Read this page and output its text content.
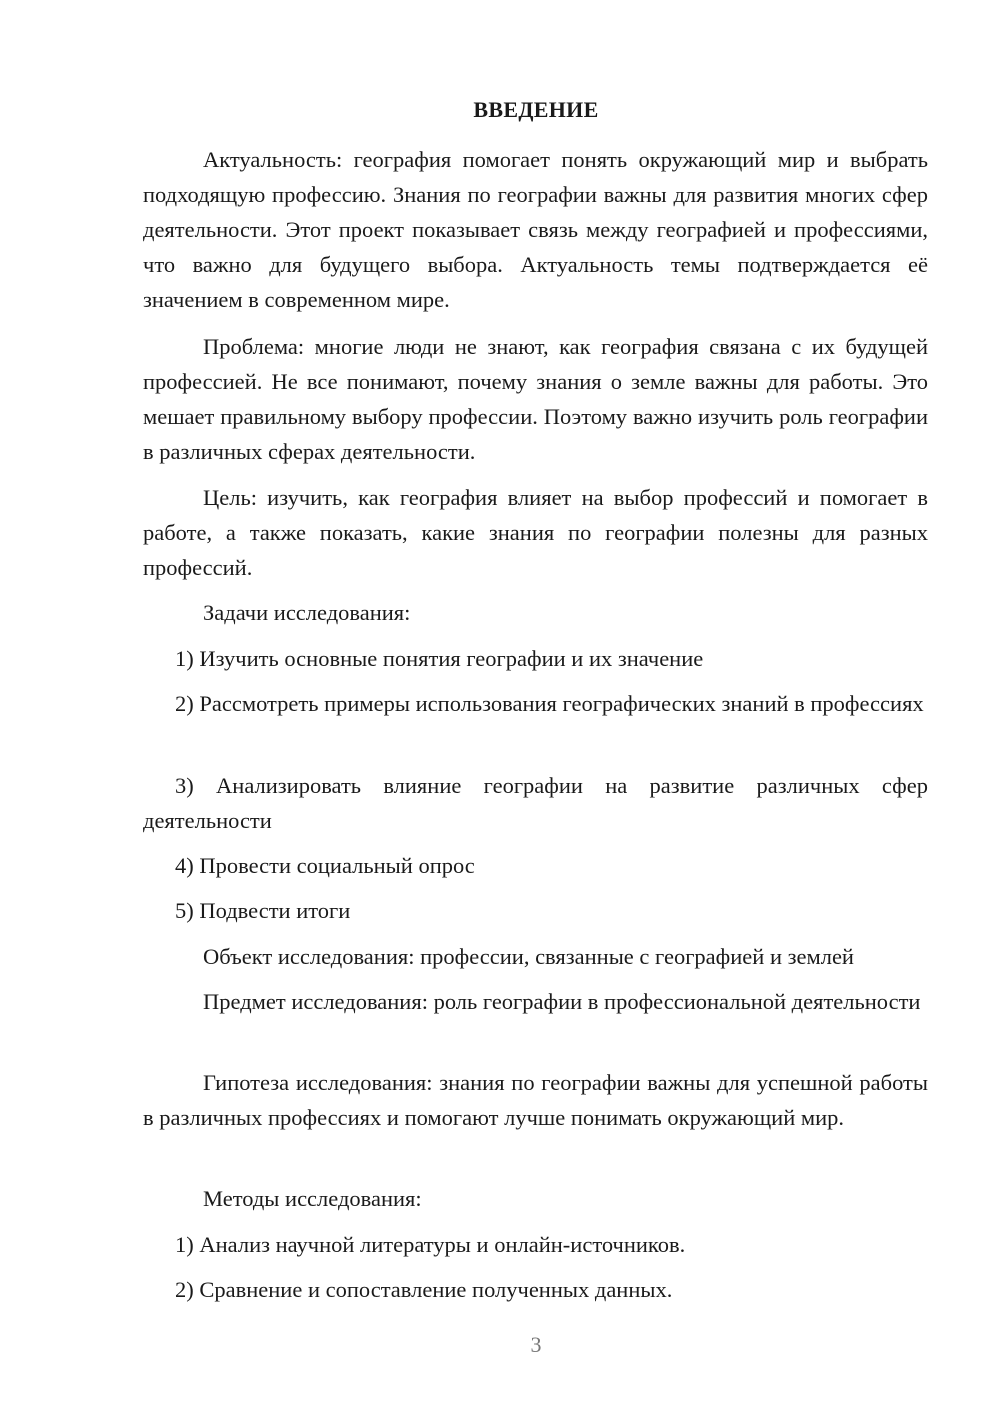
ВВЕДЕНИЕ

Актуальность: география помогает понять окружающий мир и выбрать подходящую профессию. Знания по географии важны для развития многих сфер деятельности. Этот проект показывает связь между географией и профессиями, что важно для будущего выбора. Актуальность темы подтверждается её значением в современном мире.

Проблема: многие люди не знают, как география связана с их будущей профессией. Не все понимают, почему знания о земле важны для работы. Это мешает правильному выбору профессии. Поэтому важно изучить роль географии в различных сферах деятельности.

Цель: изучить, как география влияет на выбор профессий и помогает в работе, а также показать, какие знания по географии полезны для разных профессий.

Задачи исследования:

1) Изучить основные понятия географии и их значение

2) Рассмотреть примеры использования географических знаний в профессиях

3) Анализировать влияние географии на развитие различных сфер деятельности

4) Провести социальный опрос

5) Подвести итоги

Объект исследования: профессии, связанные с географией и землей

Предмет исследования: роль географии в профессиональной деятельности

Гипотеза исследования: знания по географии важны для успешной работы в различных профессиях и помогают лучше понимать окружающий мир.

Методы исследования:

1) Анализ научной литературы и онлайн-источников.

2) Сравнение и сопоставление полученных данных.

3
